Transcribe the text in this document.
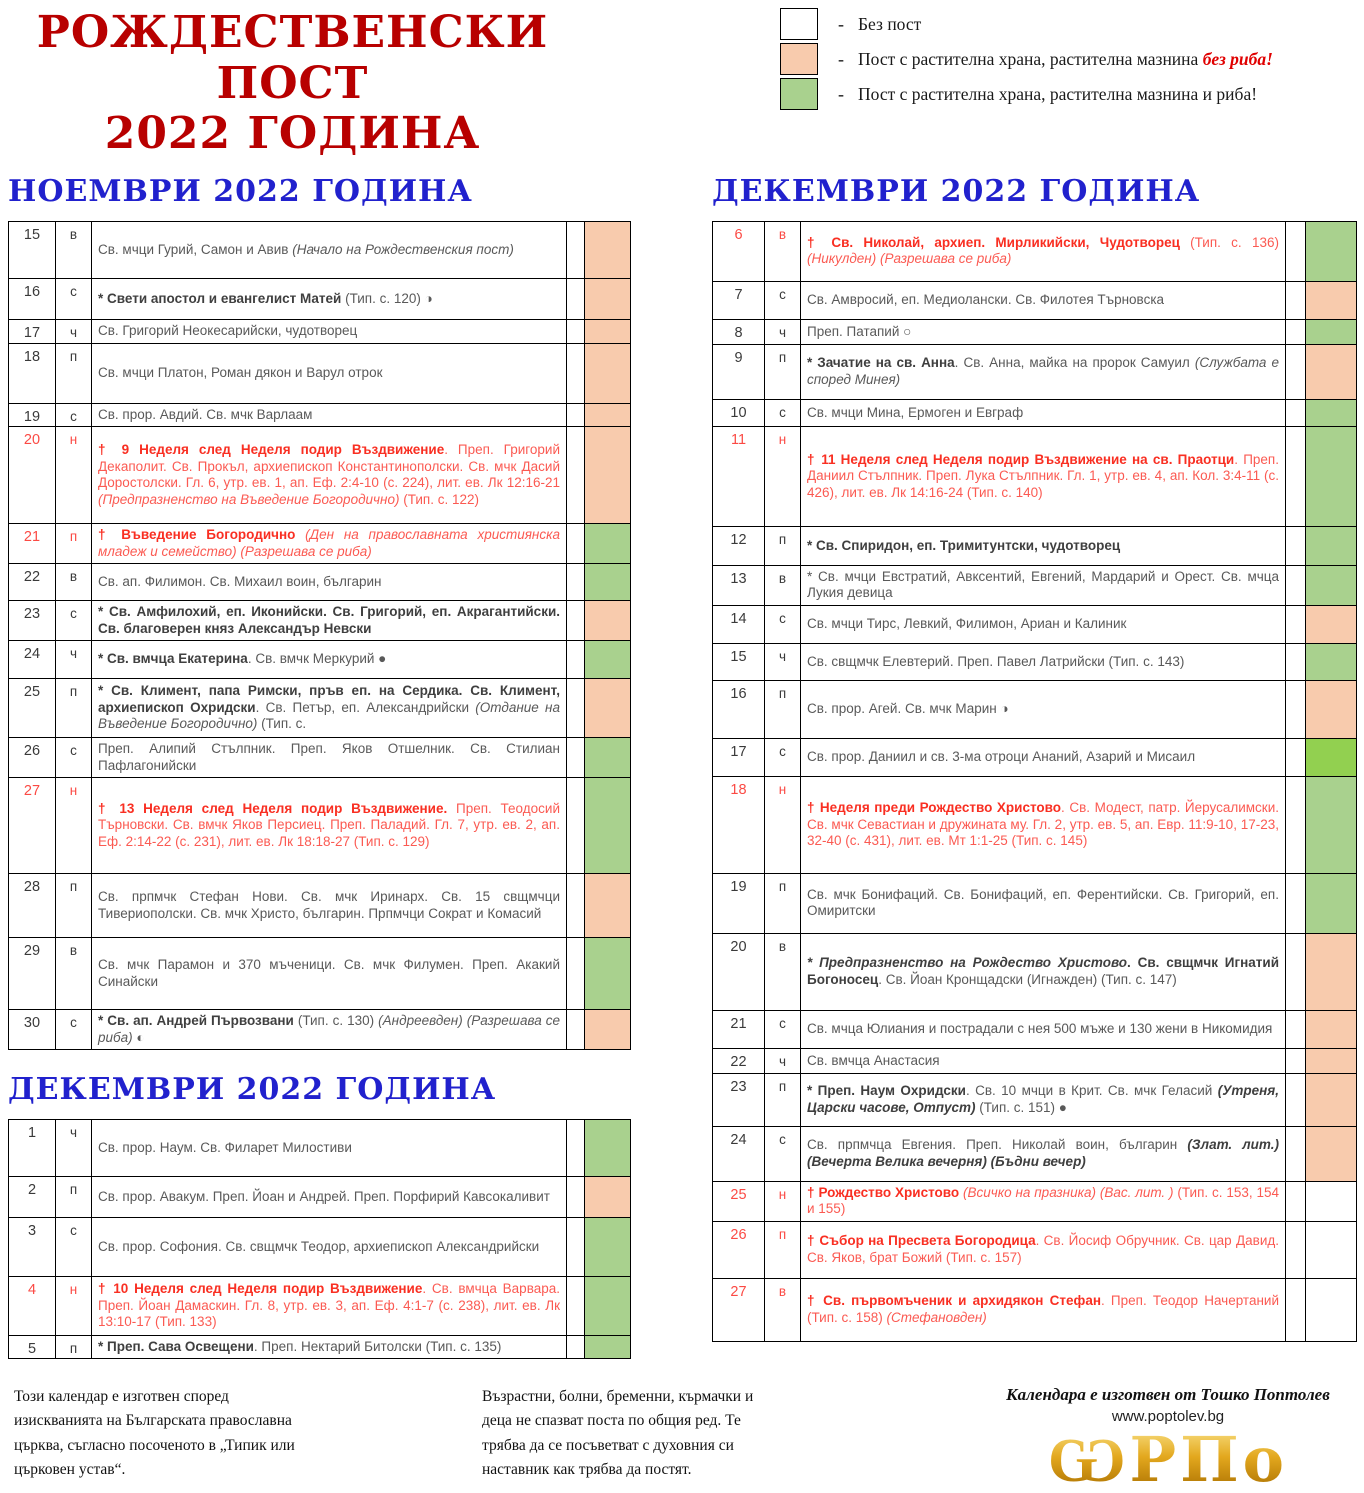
РОЖДЕСТВЕНСКИ ПОСТ
2022 ГОДИНА
- Без пост
- Пост с растителна храна, растителна мазнина без риба!
- Пост с растителна храна, растителна мазнина и риба!
НОЕМВРИ 2022 ГОДИНА
15	в	Св. мчци Гурий, Самон и Авив (Начало на Рождественския пост)		
16	с	* Свети апостол и евангелист Матей (Тип. с. 120) ◑		
17	ч	Св. Григорий Неокесарийски, чудотворец		
18	п	Св. мчци Платон, Роман дякон и Варул отрок		
19	с	Св. прор. Авдий. Св. мчк Варлаам		
20	н	† 9 Неделя след Неделя подир Въздвижение. Преп. Григорий Декаполит. Св. Прокъл, архиепископ Константинополски. Св. мчк Дасий Доростолски. Гл. 6, утр. ев. 1, ап. Еф. 2:4-10 (с. 224), лит. ев. Лк 12:16-21 (Предпразненство на Въведение Богородично) (Тип. с. 122)		
21	п	† Въведение Богородично (Ден на православната християнска младеж и семейство) (Разрешава се риба)		
22	в	Св. ап. Филимон. Св. Михаил воин, българин		
23	с	* Св. Амфилохий, еп. Иконийски. Св. Григорий, еп. Акрагантийски. Св. благоверен княз Александър Невски		
24	ч	* Св. вмчца Екатерина. Св. вмчк Меркурий ●		
25	п	* Св. Климент, папа Римски, пръв еп. на Сердика. Св. Климент, архиепископ Охридски. Св. Петър, еп. Александрийски (Отдание на Въведение Богородично) (Тип. с.		
26	с	Преп. Алипий Стълпник. Преп. Яков Отшелник. Св. Стилиан Пафлагонийски		
27	н	† 13 Неделя след Неделя подир Въздвижение. Преп. Теодосий Търновски. Св. вмчк Яков Персиец. Преп. Паладий. Гл. 7, утр. ев. 2, ап. Еф. 2:14-22 (с. 231), лит. ев. Лк 18:18-27 (Тип. с. 129)		
28	п	Св. прпмчк Стефан Нови. Св. мчк Иринарх. Св. 15 свщмчци Тивериополски. Св. мчк Христо, българин. Прпмчци Сократ и Комасий		
29	в	Св. мчк Парамон и 370 мъченици. Св. мчк Филумен. Преп. Акакий Синайски		
30	с	* Св. ап. Андрей Първозвани (Тип. с. 130) (Андреевден) (Разрешава се риба) ◐		
ДЕКЕМВРИ 2022 ГОДИНА
1	ч	Св. прор. Наум. Св. Филарет Милостиви		
2	п	Св. прор. Авакум. Преп. Йоан и Андрей. Преп. Порфирий Кавсокаливит		
3	с	Св. прор. Софония. Св. свщмчк Теодор, архиепископ Александрийски		
4	н	† 10 Неделя след Неделя подир Въздвижение. Св. вмчца Варвара. Преп. Йоан Дамаскин. Гл. 8, утр. ев. 3, ап. Еф. 4:1-7 (с. 238), лит. ев. Лк 13:10-17 (Тип. 133)		
5	п	* Преп. Сава Освещени. Преп. Нектарий Битолски (Тип. с. 135)		
ДЕКЕМВРИ 2022 ГОДИНА
6	в	† Св. Николай, архиеп. Мирликийски, Чудотворец (Тип. с. 136) (Никулден) (Разрешава се риба)		
7	с	Св. Амвросий, еп. Медиолански. Св. Филотея Търновска		
8	ч	Преп. Патапий ○		
9	п	* Зачатие на св. Анна. Св. Анна, майка на пророк Самуил (Службата е според Минея)		
10	с	Св. мчци Мина, Ермоген и Евграф		
11	н	† 11 Неделя след Неделя подир Въздвижение на св. Праотци. Преп. Даниил Стълпник. Преп. Лука Стълпник. Гл. 1, утр. ев. 4, ап. Кол. 3:4-11 (с. 426), лит. ев. Лк 14:16-24 (Тип. с. 140)		
12	п	* Св. Спиридон, еп. Тримитунтски, чудотворец		
13	в	* Св. мчци Евстратий, Авксентий, Евгений, Мардарий и Орест. Св. мчца Лукия девица		
14	с	Св. мчци Тирс, Левкий, Филимон, Ариан и Калиник		
15	ч	Св. свщмчк Елевтерий. Преп. Павел Латрийски (Тип. с. 143)		
16	п	Св. прор. Агей. Св. мчк Марин ◑		
17	с	Св. прор. Даниил и св. 3-ма отроци Ананий, Азарий и Мисаил		
18	н	† Неделя преди Рождество Христово. Св. Модест, патр. Йерусалимски. Св. мчк Севастиан и дружината му. Гл. 2, утр. ев. 5, ап. Евр. 11:9-10, 17-23, 32-40 (с. 431), лит. ев. Мт 1:1-25 (Тип. с. 145)		
19	п	Св. мчк Бонифаций. Св. Бонифаций, еп. Ферентийски. Св. Григорий, еп. Омиритски		
20	в	* Предпразненство на Рождество Христово. Св. свщмчк Игнатий Богоносец. Св. Йоан Кронщадски (Игнажден) (Тип. с. 147)		
21	с	Св. мчца Юлиания и пострадали с нея 500 мъже и 130 жени в Никомидия		
22	ч	Св. вмчца Анастасия		
23	п	* Преп. Наум Охридски. Св. 10 мчци в Крит. Св. мчк Геласий (Утреня, Царски часове, Отпуст) (Тип. с. 151) ●		
24	с	Св. прпмчца Евгения. Преп. Николай воин, българин (Злат. лит.) (Вечерта Велика вечерня) (Бъдни вечер)		
25	н	† Рождество Христово (Всичко на празника) (Вас. лит. ) (Тип. с. 153, 154 и 155)		
26	п	† Събор на Пресвета Богородица. Св. Йосиф Обручник. Св. цар Давид. Св. Яков, брат Божий (Тип. с. 157)		
27	в	† Св. първомъченик и архидякон Стефан. Преп. Теодор Начертаний (Тип. с. 158) (Стефановден)		

Този календар е изготвен според изискванията на Българската православна църква, съгласно посоченото в „Типик или църковен устав“.

Възрастни, болни, бременни, кърмачки и деца не спазват поста по общия ред. Те трябва да се посъветват с духовния си наставник как трябва да постят.

Календара е изготвен от Тошко Поптолев
www.poptolev.bg
ѠРПо
